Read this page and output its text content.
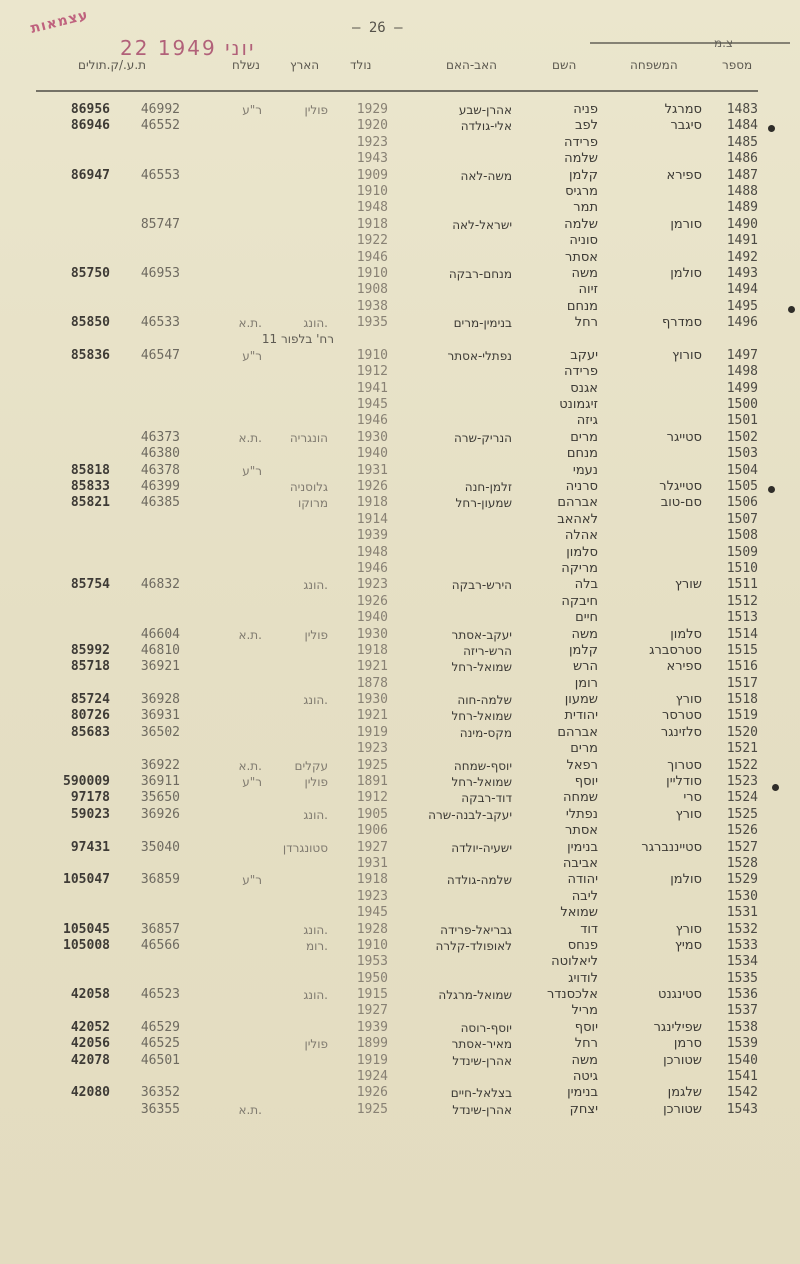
עצמאות	— 26 —
22 יוני 1949
מספר
המשפחה
השם
האב-האם
נולד
הארץ
נשלח
ת.ע./ק.תולים
1483
סמרגל
פניה
אהרן-שבע
1929
פולין
ר"ע
46992
86956
1484
סיגבר
לפב
אלי-גולדה
1920
46552
86946
1485
פרידה
1923
1486
שלמה
1943
1487
ספירא
קלמן
משה-לאה
1909
46553
86947
1488
מרגיס
1910
1489
תמר
1948
1490
סורמן
שלמה
ישראל-לאה
1918
85747
1491
סוניה
1922
1492
אסתר
1946
1493
סולמן
משה
מנחם-רבקה
1910
46953
85750
1494
זיוה
1908
1495
מנחם
1938
1496
סמדרף
רחל
בנימין-מרים
1935
הונג.
ת.א.
46533
85850
רח' בלפור 11
1497
סורוץ
יעקב
נפתלי-אסתר
1910
ר"ע
46547
85836
1498
פרידה
1912
1499
אגנס
1941
1500
זיגמונט
1945
1501
גיזה
1946
1502
סטייגר
מרים
הנריק-שרה
1930
הונגריה
ת.א.
46373
1503
מנחם
1940
46380
1504
נעמי
1931
ר"ע
46378
85818
1505
סטייגלר
סרניה
זלמן-חנה
1926
גלוסניה
46399
85833
1506
סם-טוב
אברהם
שמעון-רחל
1918
מרוקו
46385
85821
1507
לאהאב
1914
1508
אהלה
1939
1509
סלמון
1948
1510
מריקה
1946
1511
שורץ
בלה
הירש-רבקה
1923
הונג.
46832
85754
1512
חיבקה
1926
1513
חיים
1940
1514
סלמון
משה
יעקב-אסתר
1930
פולין
ת.א.
46604
1515
סטרסברג
קלמן
הרש-ריזה
1918
46810
85992
1516
ספירא
הרש
שמואל-רחל
1921
36921
85718
1517
רומן
1878
1518
סורץ
שמעון
שלמה-חוה
1930
הונג.
36928
85724
1519
סטרסר
יהודית
שמואל-רחל
1921
36931
80726
1520
סלזינגר
אברהם
מקס-מינה
1919
36502
85683
1521
מרים
1923
1522
סטרוך
רפאל
יוסף-שמחה
1925
עקלים
ת.א.
36922
1523
סודליין
יוסף
שמואל-רחל
1891
פולין
ר"ע
36911
590009
1524
סרי
שמחה
דוד-רבקה
1912
35650
97178
1525
סורץ
נפתלי
יעקב-לבנה-שרה
1905
הונג.
36926
59023
1526
אסתר
1906
1527
סטייננברגר
בנימין
ישעיה-יולדה
1927
סטונגרדן
35040
97431
1528
אביבה
1931
1529
סולמן
יהודה
שלמה-גולדה
1918
ר"ע
36859
105047
1530
ליבה
1923
1531
שמואל
1945
1532
סורץ
דוד
גבריאל-פרידה
1928
הונג.
36857
105045
1533
סמיץ
פנחס
לאופולד-קלרה
1910
רומ.
46566
105008
1534
ליאלוטה
1953
1535
לודויג
1950
1536
סטינגנט
אלכסנדר
שמואל-מרגלה
1915
הונג.
46523
42058
1537
מריל
1927
1538
שפילינגר
יוסף
יוסף-רוסה
1939
46529
42052
1539
סרמן
רחל
מאיר-אסתר
1899
פולין
46525
42056
1540
שטורכן
משה
אהרן-שינדל
1919
46501
42078
1541
גיטה
1924
1542
שלגמן
בנימין
בצלאל-חיים
1926
36352
42080
1543
שטורכן
יצחק
אהרן-שינדל
1925
ת.א.
36355
